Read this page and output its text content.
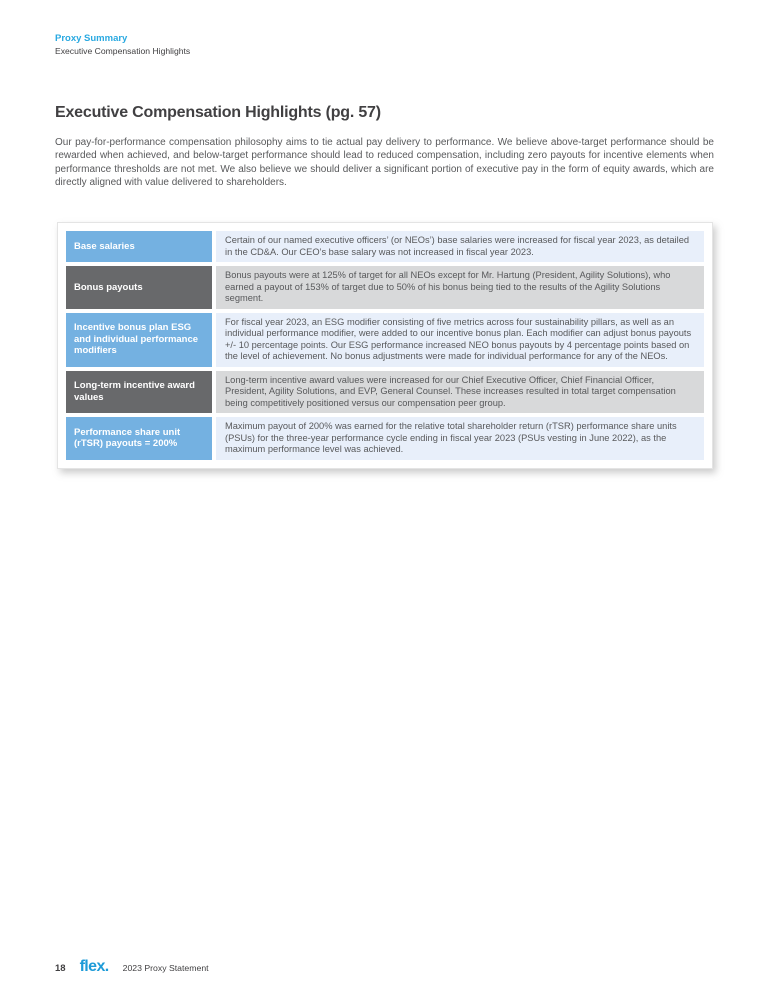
Proxy Summary
Executive Compensation Highlights
Executive Compensation Highlights (pg. 57)

Our pay-for-performance compensation philosophy aims to tie actual pay delivery to performance. We believe above-target performance should be rewarded when achieved, and below-target performance should lead to reduced compensation, including zero payouts for incentive elements when performance thresholds are not met. We also believe we should deliver a significant portion of executive pay in the form of equity awards, which are directly aligned with value delivered to shareholders.

Base salaries
Certain of our named executive officers’ (or NEOs’) base salaries were increased for fiscal year 2023, as detailed in the CD&A. Our CEO’s base salary was not increased in fiscal year 2023.
Bonus payouts
Bonus payouts were at 125% of target for all NEOs except for Mr. Hartung (President, Agility Solutions), who earned a payout of 153% of target due to 50% of his bonus being tied to the results of the Agility Solutions segment.
Incentive bonus plan ESG and individual performance modifiers
For fiscal year 2023, an ESG modifier consisting of five metrics across four sustainability pillars, as well as an individual performance modifier, were added to our incentive bonus plan. Each modifier can adjust bonus payouts +/- 10 percentage points. Our ESG performance increased NEO bonus payouts by 4 percentage points based on the level of achievement. No bonus adjustments were made for individual performance for any of the NEOs.
Long-term incentive award values
Long-term incentive award values were increased for our Chief Executive Officer, Chief Financial Officer, President, Agility Solutions, and EVP, General Counsel. These increases resulted in total target compensation being competitively positioned versus our compensation peer group.
Performance share unit (rTSR) payouts = 200%
Maximum payout of 200% was earned for the relative total shareholder return (rTSR) performance share units (PSUs) for the three-year performance cycle ending in fiscal year 2023 (PSUs vesting in June 2022), as the maximum performance level was achieved.
18 flex. 2023 Proxy Statement
